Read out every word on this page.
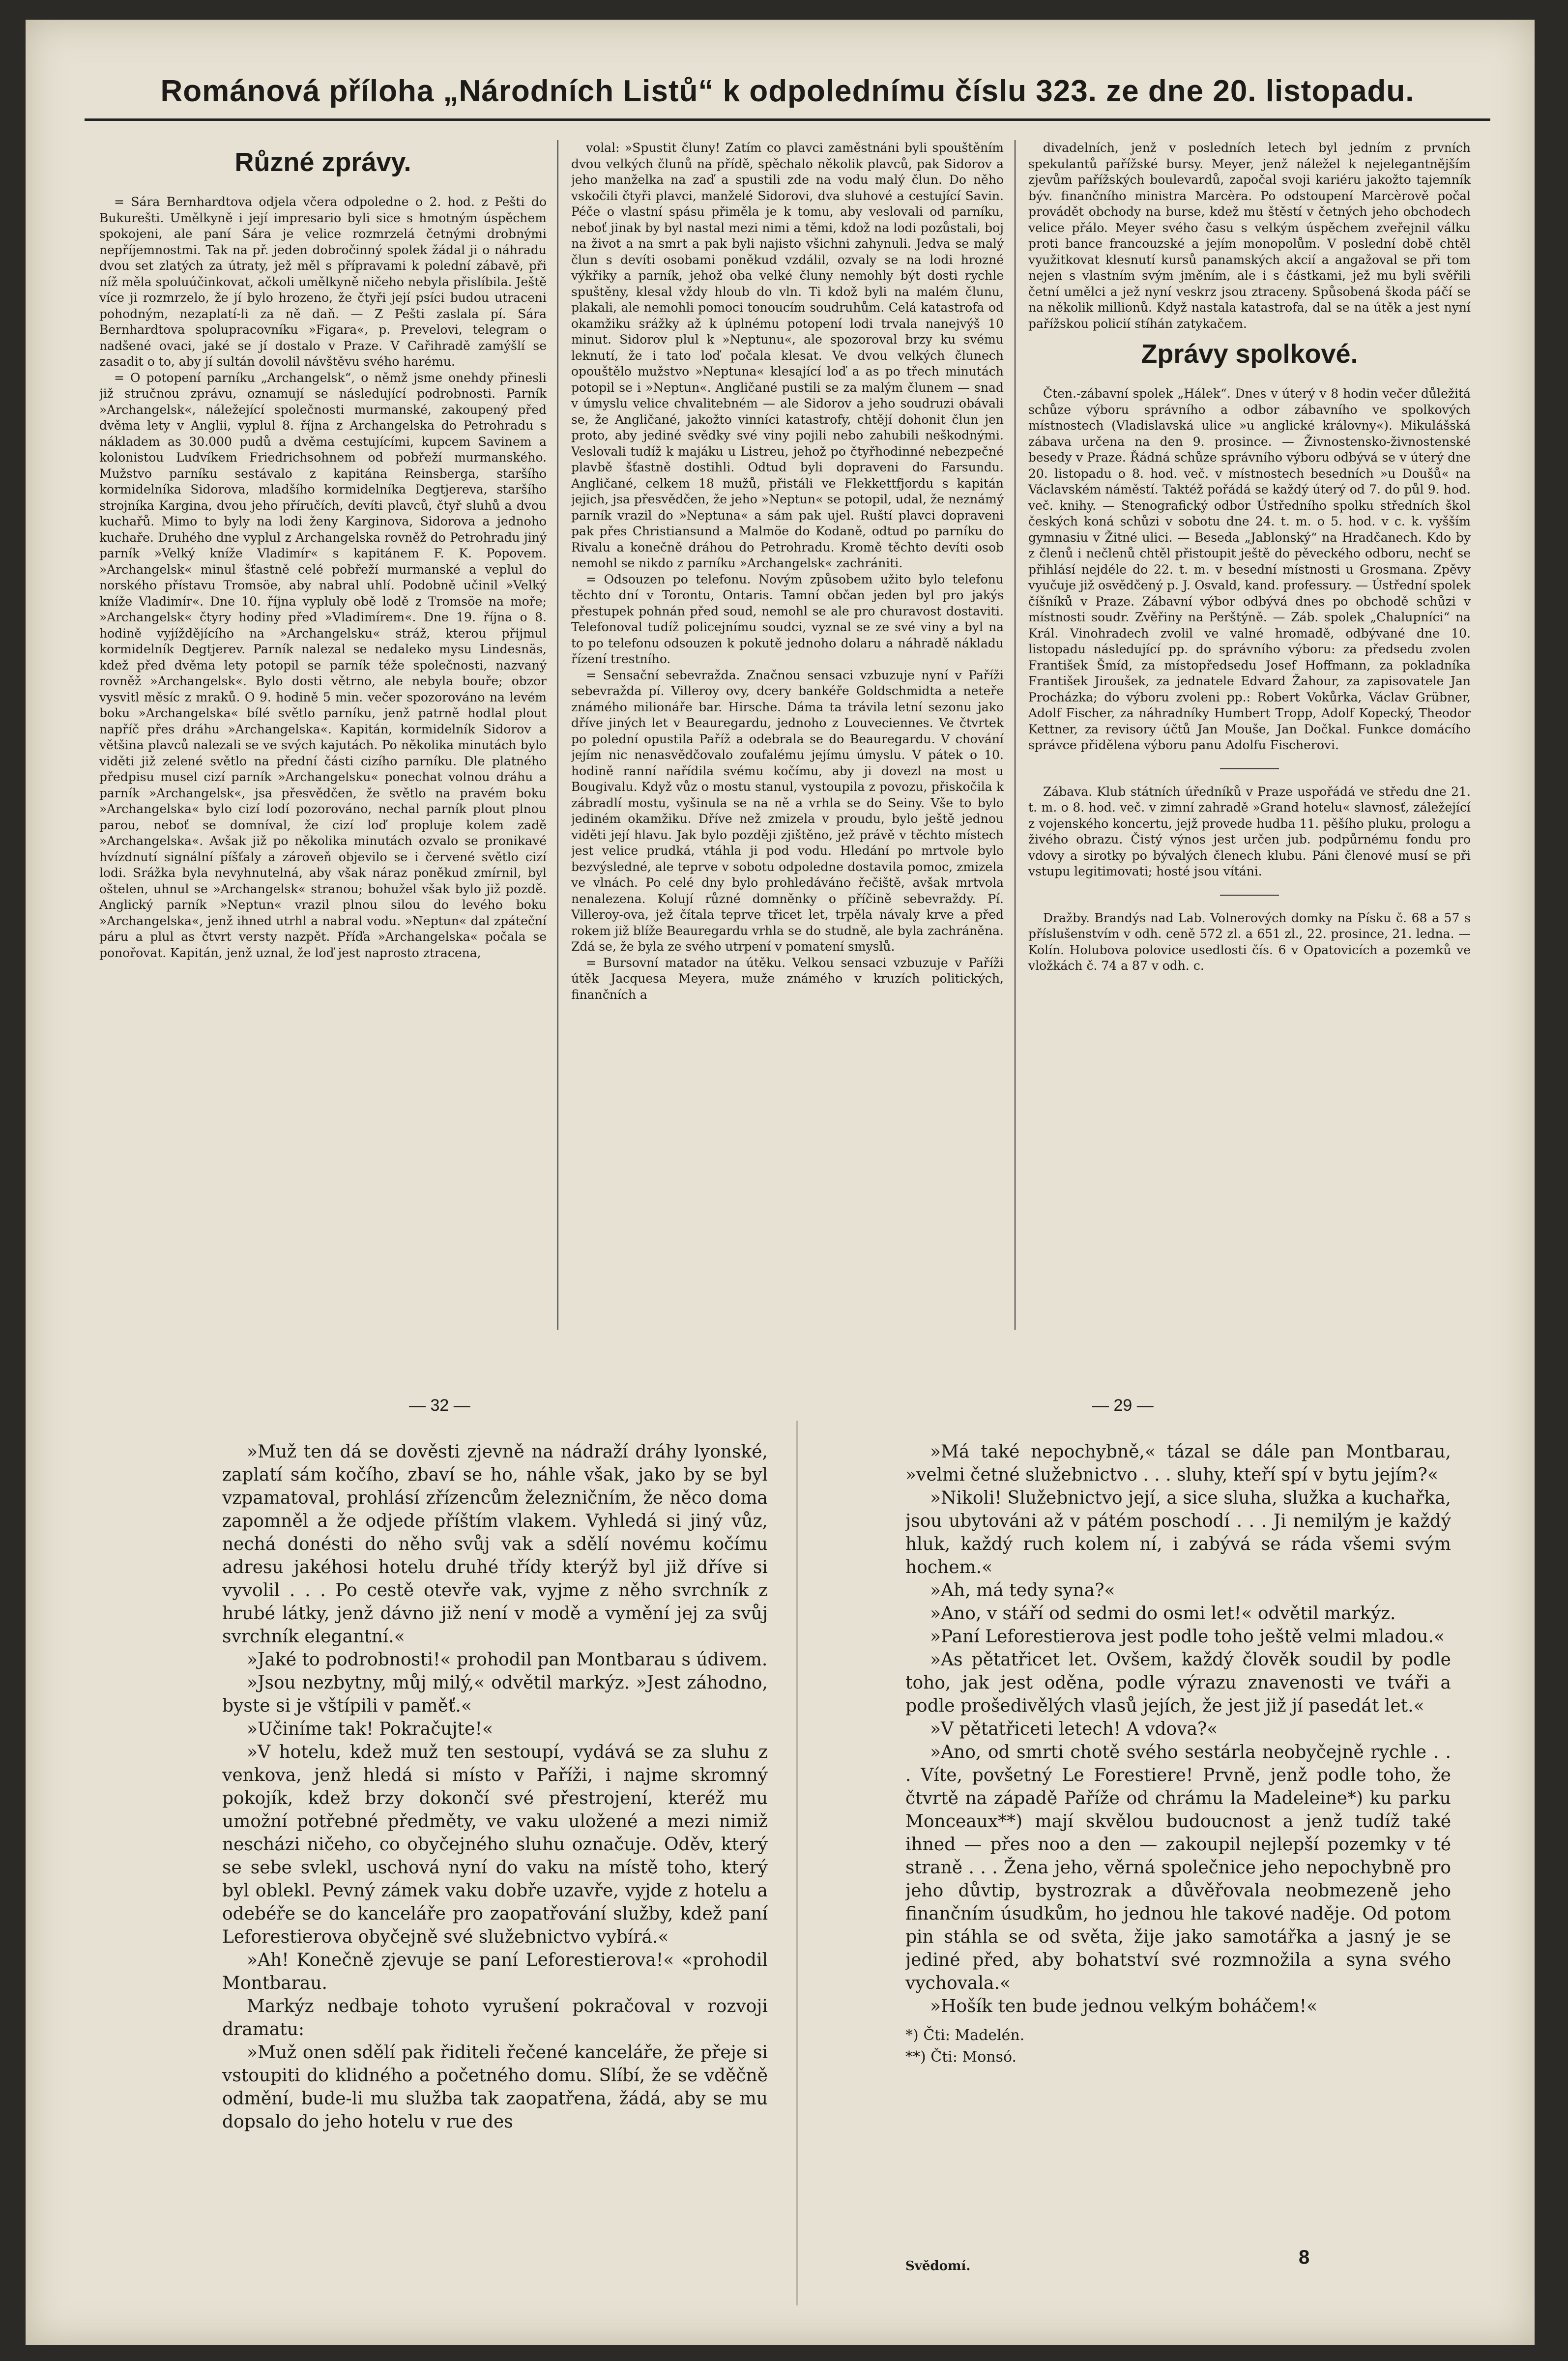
Románová příloha „Národních Listů“ k odpolednímu číslu 323. ze dne 20. listopadu.
Různé zprávy.

= Sára Bernhardtova odjela včera odpoledne o 2. hod. z Pešti do Bukurešti. Umělkyně i její impresario byli sice s hmotným úspěchem spokojeni, ale paní Sára je velice rozmrzelá četnými drobnými nepříjemnostmi. Tak na př. jeden dobročinný spolek žádal ji o náhradu dvou set zlatých za útraty, jež měl s přípravami k polední zábavě, při níž měla spoluúčinkovat, ačkoli umělkyně ničeho nebyla přislíbila. Ještě více ji rozmrzelo, že jí bylo hrozeno, že čtyři její psíci budou utraceni pohodným, nezaplatí-li za ně daň. — Z Pešti zaslala pí. Sára Bernhardtova spolupracovníku »Figara«, p. Prevelovi, telegram o nadšené ovaci, jaké se jí dostalo v Praze. V Cařihradě zamýšlí se zasadit o to, aby jí sultán dovolil návštěvu svého harému.

= O potopení parníku „Archangelsk“, o němž jsme onehdy přinesli již stručnou zprávu, oznamují se následující podrobnosti. Parník »Archangelsk«, náležející společnosti murmanské, zakoupený před dvěma lety v Anglii, vyplul 8. října z Archangelska do Petrohradu s nákladem as 30.000 pudů a dvěma cestujícími, kupcem Savinem a kolonistou Ludvíkem Friedrichsohnem od pobřeží murmanského. Mužstvo parníku sestávalo z kapitána Reinsberga, staršího kormidelníka Sidorova, mladšího kormidelníka Degtjereva, staršího strojníka Kargina, dvou jeho příručích, devíti plavců, čtyř sluhů a dvou kuchařů. Mimo to byly na lodi ženy Karginova, Sidorova a jednoho kuchaře. Druhého dne vyplul z Archangelska rovněž do Petrohradu jiný parník »Velký kníže Vladimír« s kapitánem F. K. Popovem. »Archangelsk« minul šťastně celé pobřeží murmanské a veplul do norského přístavu Tromsöe, aby nabral uhlí. Podobně učinil »Velký kníže Vladimír«. Dne 10. října vypluly obě lodě z Tromsöe na moře; »Archangelsk« čtyry hodiny před »Vladimírem«. Dne 19. října o 8. hodině vyjíždějícího na »Archangelsku« stráž, kterou přijmul kormidelník Degtjerev. Parník nalezal se nedaleko mysu Lindesnäs, kdež před dvěma lety potopil se parník téže společnosti, nazvaný rovněž »Archangelsk«. Bylo dosti větrno, ale nebyla bouře; obzor vysvitl měsíc z mraků. O 9. hodině 5 min. večer spozorováno na levém boku »Archangelska« bílé světlo parníku, jenž patrně hodlal plout napříč přes dráhu »Archangelska«. Kapitán, kormidelník Sidorov a většina plavců nalezali se ve svých kajutách. Po několika minutách bylo viděti již zelené světlo na přední části cizího parníku. Dle platného předpisu musel cizí parník »Archangelsku« ponechat volnou dráhu a parník »Archangelsk«, jsa přesvědčen, že světlo na pravém boku »Archangelska« bylo cizí lodí pozorováno, nechal parník plout plnou parou, neboť se domníval, že cizí loď propluje kolem zadě »Archangelska«. Avšak již po několika minutách ozvalo se pronikavé hvízdnutí signální píšťaly a zároveň objevilo se i červené světlo cizí lodi. Srážka byla nevyhnutelná, aby však náraz poněkud zmírnil, byl oštelen, uhnul se »Archangelsk« stranou; bohužel však bylo již pozdě. Anglický parník »Neptun« vrazil plnou silou do levého boku »Archangelska«, jenž ihned utrhl a nabral vodu. »Neptun« dal zpáteční páru a plul as čtvrt versty nazpět. Příďa »Archangelska« počala se ponořovat. Kapitán, jenž uznal, že loď jest naprosto ztracena,

volal: »Spustit čluny! Zatím co plavci zaměstnáni byli spouštěním dvou velkých člunů na přídě, spěchalo několik plavců, pak Sidorov a jeho manželka na zaď a spustili zde na vodu malý člun. Do něho vskočili čtyři plavci, manželé Sidorovi, dva sluhové a cestující Savin. Péče o vlastní spásu přiměla je k tomu, aby veslovali od parníku, neboť jinak by byl nastal mezi nimi a těmi, kdož na lodi pozůstali, boj na život a na smrt a pak byli najisto všichni zahynuli. Jedva se malý člun s devíti osobami poněkud vzdálil, ozvaly se na lodi hrozné výkřiky a parník, jehož oba velké čluny nemohly být dosti rychle spuštěny, klesal vždy hloub do vln. Ti kdož byli na malém člunu, plakali, ale nemohli pomoci tonoucím soudruhům. Celá katastrofa od okamžiku srážky až k úplnému potopení lodi trvala nanejvýš 10 minut. Sidorov plul k »Neptunu«, ale spozoroval brzy ku svému leknutí, že i tato loď počala klesat. Ve dvou velkých člunech opouštělo mužstvo »Neptuna« klesající loď a as po třech minutách potopil se i »Neptun«. Angličané pustili se za malým člunem — snad v úmyslu velice chvalitebném — ale Sidorov a jeho soudruzi obávali se, že Angličané, jakožto vinníci katastrofy, chtějí dohonit člun jen proto, aby jediné svědky své viny pojili nebo zahubili neškodnými. Veslovali tudíž k majáku u Listreu, jehož po čtyřhodinné nebezpečné plavbě šťastně dostihli. Odtud byli dopraveni do Farsundu. Angličané, celkem 18 mužů, přistáli ve Flekkettfjordu s kapitán jejich, jsa přesvědčen, že jeho »Neptun« se potopil, udal, že neznámý parník vrazil do »Neptuna« a sám pak ujel. Ruští plavci dopraveni pak přes Christiansund a Malmöe do Kodaně, odtud po parníku do Rivalu a konečně dráhou do Petrohradu. Kromě těchto devíti osob nemohl se nikdo z parníku »Archangelsk« zachrániti.

= Odsouzen po telefonu. Novým způsobem užito bylo telefonu těchto dní v Torontu, Ontaris. Tamní občan jeden byl pro jakýs přestupek pohnán před soud, nemohl se ale pro churavost dostaviti. Telefonoval tudíž policejnímu soudci, vyznal se ze své viny a byl na to po telefonu odsouzen k pokutě jednoho dolaru a náhradě nákladu řízení trestního.

= Sensační sebevražda. Značnou sensaci vzbuzuje nyní v Paříži sebevražda pí. Villeroy ovy, dcery bankéře Goldschmidta a neteře známého milionáře bar. Hirsche. Dáma ta trávila letní sezonu jako dříve jiných let v Beauregardu, jednoho z Louveciennes. Ve čtvrtek po polední opustila Paříž a odebrala se do Beauregardu. V chování jejím nic nenasvědčovalo zoufalému jejímu úmyslu. V pátek o 10. hodině ranní nařídila svému kočímu, aby ji dovezl na most u Bougivalu. Když vůz o mostu stanul, vystoupila z povozu, přiskočila k zábradlí mostu, vyšinula se na ně a vrhla se do Seiny. Vše to bylo jediném okamžiku. Dříve než zmizela v proudu, bylo ještě jednou viděti její hlavu. Jak bylo později zjištěno, jež právě v těchto místech jest velice prudká, vtáhla ji pod vodu. Hledání po mrtvole bylo bezvýsledné, ale teprve v sobotu odpoledne dostavila pomoc, zmizela ve vlnách. Po celé dny bylo prohledáváno řečiště, avšak mrtvola nenalezena. Kolují různé domněnky o příčině sebevraždy. Pí. Villeroy-ova, jež čítala teprve třicet let, trpěla návaly krve a před rokem již blíže Beauregardu vrhla se do studně, ale byla zachráněna. Zdá se, že byla ze svého utrpení v pomatení smyslů.

= Bursovní matador na útěku. Velkou sensaci vzbuzuje v Paříži útěk Jacquesa Meyera, muže známého v kruzích politických, finančních a

divadelních, jenž v posledních letech byl jedním z prvních spekulantů pařížské bursy. Meyer, jenž náležel k nejelegantnějším zjevům pařížských boulevardů, započal svoji kariéru jakožto tajemník býv. finančního ministra Marcèra. Po odstoupení Marcèrově počal provádět obchody na burse, kdež mu štěstí v četných jeho obchodech velice přálo. Meyer svého času s velkým úspěchem zveřejnil válku proti bance francouzské a jejím monopolům. V poslední době chtěl využitkovat klesnutí kursů panamských akcií a angažoval se při tom nejen s vlastním svým jměním, ale i s částkami, jež mu byli svěřili četní umělci a jež nyní veskrz jsou ztraceny. Spůsobená škoda páčí se na několik millionů. Když nastala katastrofa, dal se na útěk a jest nyní pařížskou policií stíhán zatykačem.

Zprávy spolkové.

Čten.-zábavní spolek „Hálek“. Dnes v úterý v 8 hodin večer důležitá schůze výboru správního a odbor zábavního ve spolkových místnostech (Vladislavská ulice »u anglické královny«). Mikulášská zábava určena na den 9. prosince. — Živnostensko-živnostenské besedy v Praze. Řádná schůze správního výboru odbývá se v úterý dne 20. listopadu o 8. hod. več. v místnostech besedních »u Doušů« na Václavském náměstí. Taktéž pořádá se každý úterý od 7. do půl 9. hod. več. knihy. — Stenografický odbor Ústředního spolku středních škol českých koná schůzi v sobotu dne 24. t. m. o 5. hod. v c. k. vyšším gymnasiu v Žitné ulici. — Beseda „Jablonský“ na Hradčanech. Kdo by z členů i nečlenů chtěl přistoupit ještě do pěveckého odboru, nechť se přihlásí nejdéle do 22. t. m. v besední místnosti u Grosmana. Zpěvy vyučuje již osvědčený p. J. Osvald, kand. professury. — Ústřední spolek číšníků v Praze. Zábavní výbor odbývá dnes po obchodě schůzi v místnosti soudr. Zvěřiny na Perštýně. — Záb. spolek „Chalupníci“ na Král. Vinohradech zvolil ve valné hromadě, odbývané dne 10. listopadu následující pp. do správního výboru: za předsedu zvolen František Šmíd, za místopředsedu Josef Hoffmann, za pokladníka František Jiroušek, za jednatele Edvard Žahour, za zapisovatele Jan Procházka; do výboru zvoleni pp.: Robert Vokůrka, Václav Grübner, Adolf Fischer, za náhradníky Humbert Tropp, Adolf Kopecký, Theodor Kettner, za revisory účtů Jan Mouše, Jan Dočkal. Funkce domácího správce přidělena výboru panu Adolfu Fischerovi.

Zábava. Klub státních úředníků v Praze uspořádá ve středu dne 21. t. m. o 8. hod. več. v zimní zahradě »Grand hotelu« slavnosť, záležející z vojenského koncertu, jejž provede hudba 11. pěšího pluku, prologu a živého obrazu. Čistý výnos jest určen jub. podpůrnému fondu pro vdovy a sirotky po bývalých členech klubu. Páni členové musí se při vstupu legitimovati; hosté jsou vítáni.

Dražby. Brandýs nad Lab. Volnerových domky na Písku č. 68 a 57 s příslušenstvím v odh. ceně 572 zl. a 651 zl., 22. prosince, 21. ledna. — Kolín. Holubova polovice usedlosti čís. 6 v Opatovicích a pozemků ve vložkách č. 74 a 87 v odh. c.

— 32 —	— 29 —

»Muž ten dá se dověsti zjevně na nádraží dráhy lyonské, zaplatí sám kočího, zbaví se ho, náhle však, jako by se byl vzpamatoval, prohlásí zřízencům železničním, že něco doma zapomněl a že odjede příštím vlakem. Vyhledá si jiný vůz, nechá donésti do něho svůj vak a sdělí novému kočímu adresu jakéhosi hotelu druhé třídy kterýž byl již dříve si vyvolil . . . Po cestě otevře vak, vyjme z něho svrchník z hrubé látky, jenž dávno již není v modě a vymění jej za svůj svrchník elegantní.«

»Jaké to podrobnosti!« prohodil pan Montbarau s údivem.

»Jsou nezbytny, můj milý,« odvětil markýz. »Jest záhodno, byste si je vštípili v paměť.«

»Učiníme tak! Pokračujte!«

»V hotelu, kdež muž ten sestoupí, vydává se za sluhu z venkova, jenž hledá si místo v Paříži, i najme skromný pokojík, kdež brzy dokončí své přestrojení, kteréž mu umožní potřebné předměty, ve vaku uložené a mezi nimiž nescházi ničeho, co obyčejného sluhu označuje. Oděv, který se sebe svlekl, uschová nyní do vaku na místě toho, který byl oblekl. Pevný zámek vaku dobře uzavře, vyjde z hotelu a odebéře se do kanceláře pro zaopatřování služby, kdež paní Leforestierova obyčejně své služebnictvo vybírá.«

»Ah! Konečně zjevuje se paní Leforestierova!« «prohodil Montbarau.

Markýz nedbaje tohoto vyrušení pokračoval v rozvoji dramatu:

»Muž onen sdělí pak řiditeli řečené kanceláře, že přeje si vstoupiti do klidného a početného domu. Slíbí, že se vděčně odmění, bude-li mu služba tak zaopatřena, žádá, aby se mu dopsalo do jeho hotelu v rue des

»Má také nepochybně,« tázal se dále pan Montbarau, »velmi četné služebnictvo . . . sluhy, kteří spí v bytu jejím?«

»Nikoli! Služebnictvo její, a sice sluha, služka a kuchařka, jsou ubytováni až v pátém poschodí . . . Ji nemilým je každý hluk, každý ruch kolem ní, i zabývá se ráda všemi svým hochem.«

»Ah, má tedy syna?«

»Ano, v stáří od sedmi do osmi let!« odvětil markýz.

»Paní Leforestierova jest podle toho ještě velmi mladou.«

»As pětatřicet let. Ovšem, každý člověk soudil by podle toho, jak jest oděna, podle výrazu znavenosti ve tváři a podle prošedivělých vlasů jejích, že jest již jí pasedát let.«

»V pětatřiceti letech! A vdova?«

»Ano, od smrti chotě svého sestárla neobyčejně rychle . . . Víte, povšetný Le Forestiere! Prvně, jenž podle toho, že čtvrtě na západě Paříže od chrámu la Madeleine*) ku parku Monceaux**) mají skvělou budoucnost a jenž tudíž také ihned — přes noo a den — zakoupil nejlepší pozemky v té straně . . . Žena jeho, věrná společnice jeho nepochybně pro jeho důvtip, bystrozrak a důvěřovala neobmezeně jeho finančním úsudkům, ho jednou hle takové naděje. Od potom pin stáhla se od světa, žije jako samotářka a jasný je se jediné před, aby bohatství své rozmnožila a syna svého vychovala.«

»Hošík ten bude jednou velkým boháčem!«

*) Čti: Madelén.
**) Čti: Monsó.
Svědomí.	8
